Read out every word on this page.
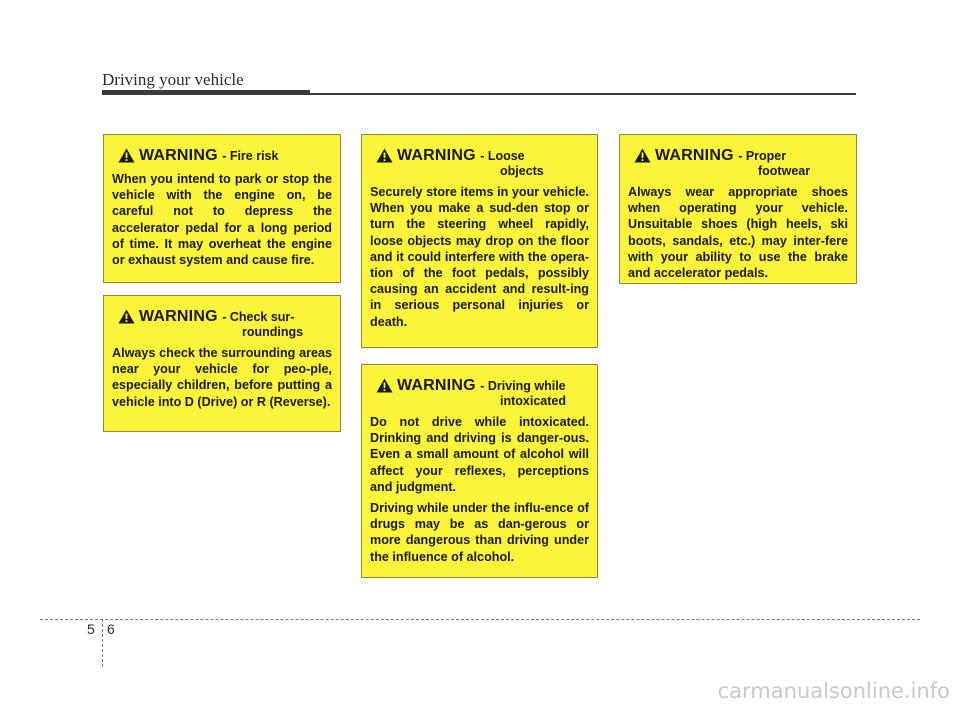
Driving your vehicle
WARNING - Fire risk

When you intend to park or stop the vehicle with the engine on, be careful not to depress the accelerator pedal for a long period of time. It may overheat the engine or exhaust system and cause fire.

WARNING - Check sur-
roundings

Always check the surrounding areas near your vehicle for peo-ple, especially children, before putting a vehicle into D (Drive) or R (Reverse).

WARNING - Loose
objects

Securely store items in your vehicle. When you make a sud-den stop or turn the steering wheel rapidly, loose objects may drop on the floor and it could interfere with the opera-tion of the foot pedals, possibly causing an accident and result-ing in serious personal injuries or death.

WARNING - Driving while
intoxicated

Do not drive while intoxicated. Drinking and driving is danger-ous. Even a small amount of alcohol will affect your reflexes, perceptions and judgment.

Driving while under the influ-ence of drugs may be as dan-gerous or more dangerous than driving under the influence of alcohol.

WARNING - Proper
footwear

Always wear appropriate shoes when operating your vehicle. Unsuitable shoes (high heels, ski boots, sandals, etc.) may inter-fere with your ability to use the brake and accelerator pedals.

5 6
carmanualsonline.info
